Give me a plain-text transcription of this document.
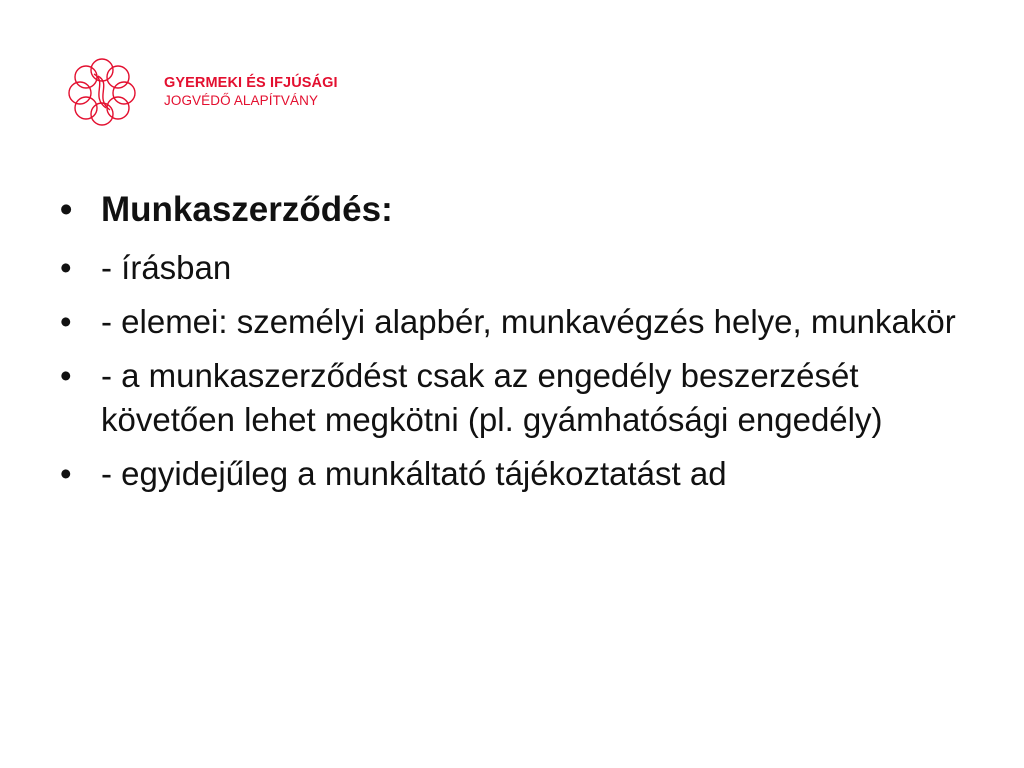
GYERMEKI ÉS IFJÚSÁGI
JOGVÉDŐ ALAPÍTVÁNY
• Munkaszerződés:
• - írásban
• - elemei: személyi alapbér, munkavégzés helye, munkakör
• - a munkaszerződést csak az engedély beszerzését követően lehet megkötni (pl. gyámhatósági engedély)
• - egyidejűleg a munkáltató tájékoztatást ad
